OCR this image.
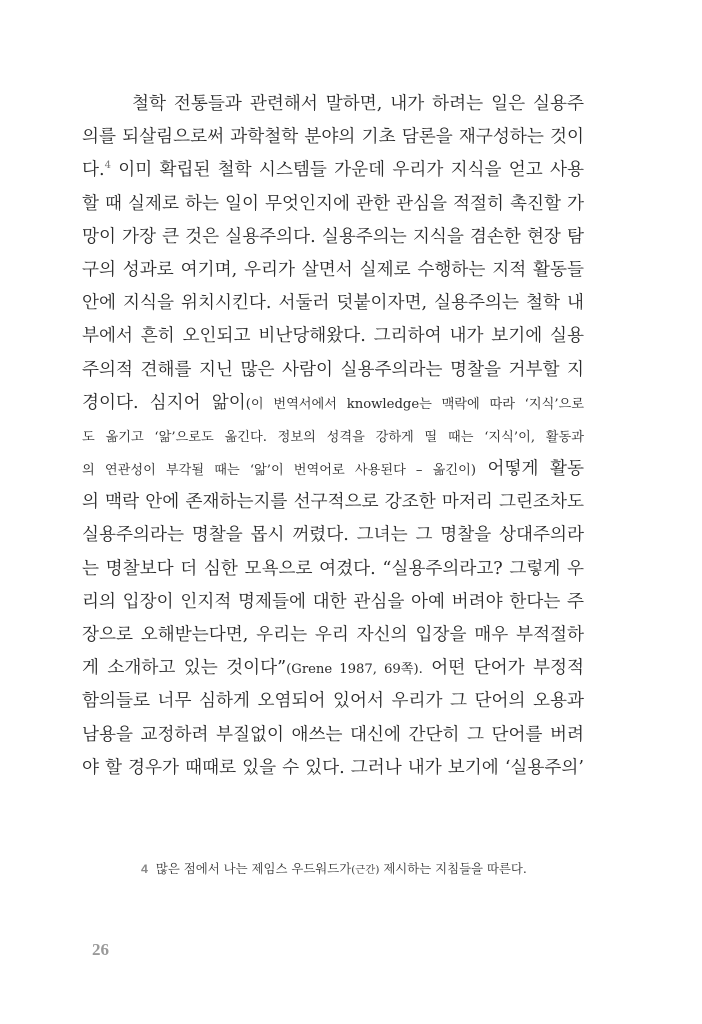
철학 전통들과 관련해서 말하면, 내가 하려는 일은 실용주
의를 되살림으로써 과학철학 분야의 기초 담론을 재구성하는 것이
다.$^4$ 이미 확립된 철학 시스템들 가운데 우리가 지식을 얻고 사용
할 때 실제로 하는 일이 무엇인지에 관한 관심을 적절히 촉진할 가
망이 가장 큰 것은 실용주의다. 실용주의는 지식을 겸손한 현장 탐
구의 성과로 여기며, 우리가 살면서 실제로 수행하는 지적 활동들
안에 지식을 위치시킨다. 서둘러 덧붙이자면, 실용주의는 철학 내
부에서 흔히 오인되고 비난당해왔다. 그리하여 내가 보기에 실용
주의적 견해를 지닌 많은 사람이 실용주의라는 명찰을 거부할 지
경이다. 심지어 앎이(이 번역서에서 knowledge는 맥락에 따라 ‘지식’으로
도 옮기고 ‘앎’으로도 옮긴다. 정보의 성격을 강하게 띨 때는 ‘지식’이, 활동과
의 연관성이 부각될 때는 ‘앎’이 번역어로 사용된다 – 옮긴이) 어떻게 활동
의 맥락 안에 존재하는지를 선구적으로 강조한 마저리 그린조차도
실용주의라는 명찰을 몹시 꺼렸다. 그녀는 그 명찰을 상대주의라
는 명찰보다 더 심한 모욕으로 여겼다. “실용주의라고? 그렇게 우
리의 입장이 인지적 명제들에 대한 관심을 아예 버려야 한다는 주
장으로 오해받는다면, 우리는 우리 자신의 입장을 매우 부적절하
게 소개하고 있는 것이다”(Grene 1987, 69쪽). 어떤 단어가 부정적
함의들로 너무 심하게 오염되어 있어서 우리가 그 단어의 오용과
남용을 교정하려 부질없이 애쓰는 대신에 간단히 그 단어를 버려
야 할 경우가 때때로 있을 수 있다. 그러나 내가 보기에 ‘실용주의’
4 많은 점에서 나는 제임스 우드워드가(근간) 제시하는 지침들을 따른다.
26
